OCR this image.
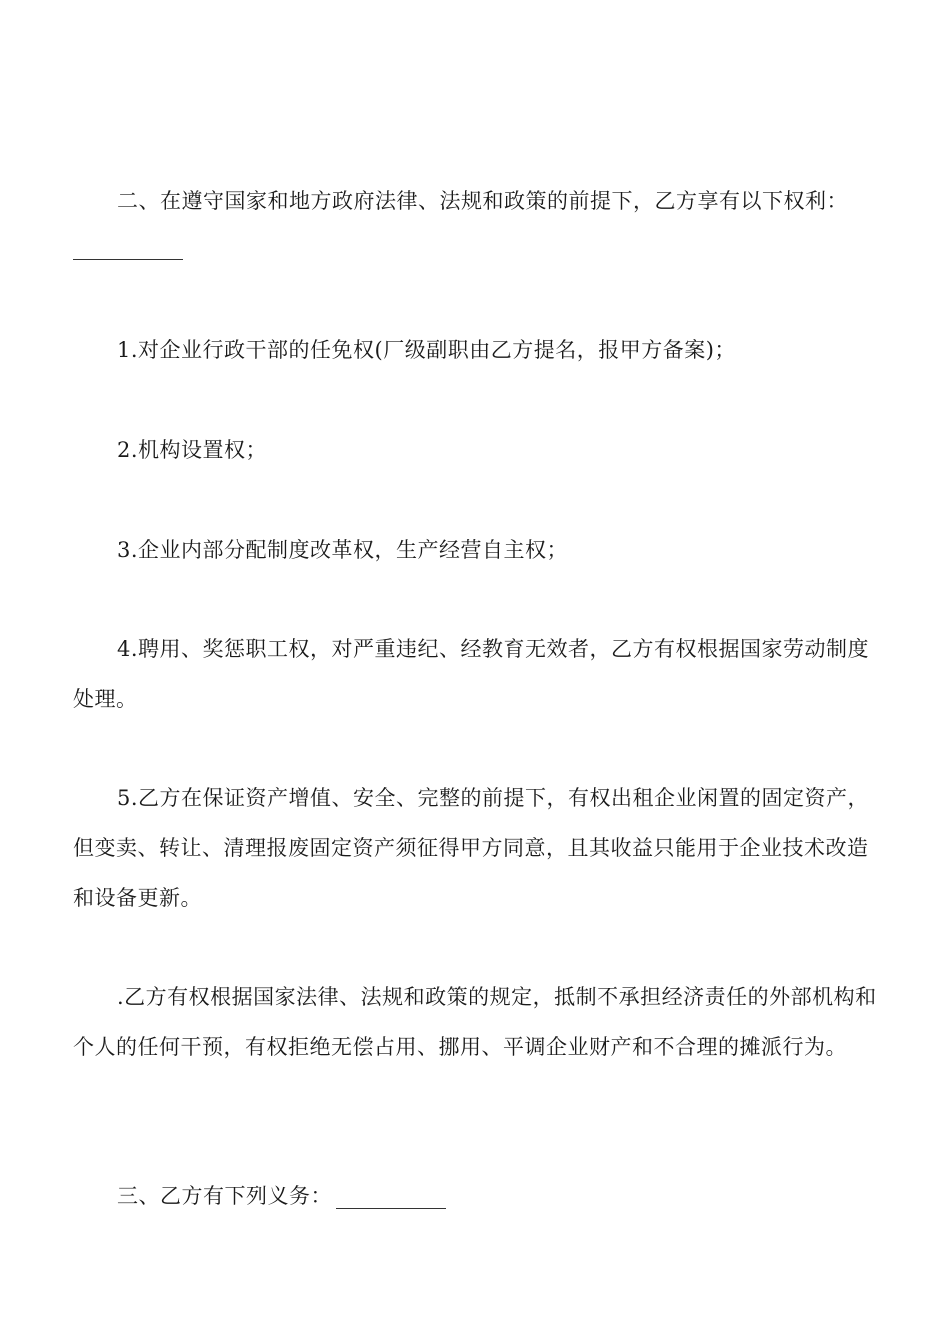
二、在遵守国家和地方政府法律、法规和政策的前提下，乙方享有以下权利：

1.对企业行政干部的任免权(厂级副职由乙方提名，报甲方备案)；

2.机构设置权；

3.企业内部分配制度改革权，生产经营自主权；

4.聘用、奖惩职工权，对严重违纪、经教育无效者，乙方有权根据国家劳动制度处理。

5.乙方在保证资产增值、安全、完整的前提下，有权出租企业闲置的固定资产，但变卖、转让、清理报废固定资产须征得甲方同意，且其收益只能用于企业技术改造和设备更新。

.乙方有权根据国家法律、法规和政策的规定，抵制不承担经济责任的外部机构和个人的任何干预，有权拒绝无偿占用、挪用、平调企业财产和不合理的摊派行为。

三、乙方有下列义务：
